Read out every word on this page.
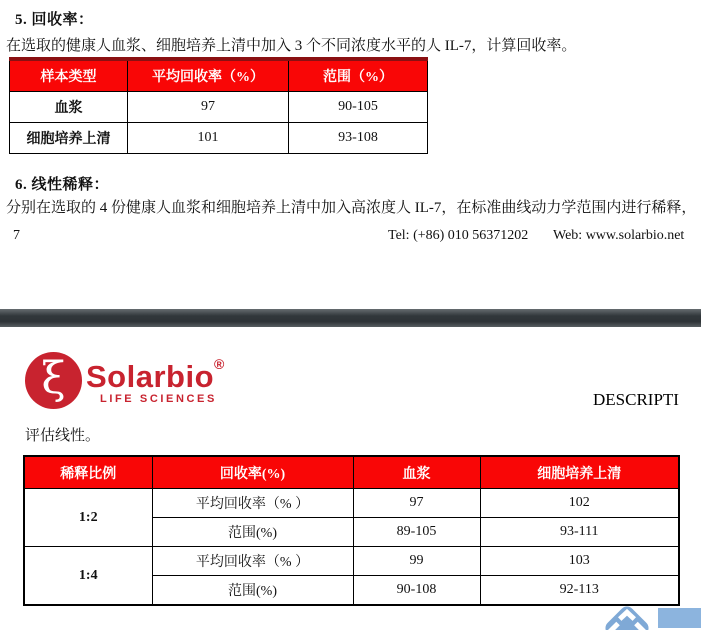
5. 回收率：
在选取的健康人血浆、细胞培养上清中加入 3 个不同浓度水平的人 IL-7，计算回收率。
样本类型	平均回收率（%）	范围（%）
血浆	97	90-105
细胞培养上清	101	93-108
6. 线性稀释：
分别在选取的 4 份健康人血浆和细胞培养上清中加入高浓度人 IL-7，在标准曲线动力学范围内进行稀释，
7	Tel: (+86) 010 56371202 Web: www.solarbio.net
ξ Solarbio®
LIFE SCIENCES	DESCRIPTI
评估线性。
稀释比例	回收率(%)	血浆	细胞培养上清
1:2	平均回收率（% ）	97	102
	范围(%)	89-105	93-111
1:4	平均回收率（% ）	99	103
	范围(%)	90-108	92-113
